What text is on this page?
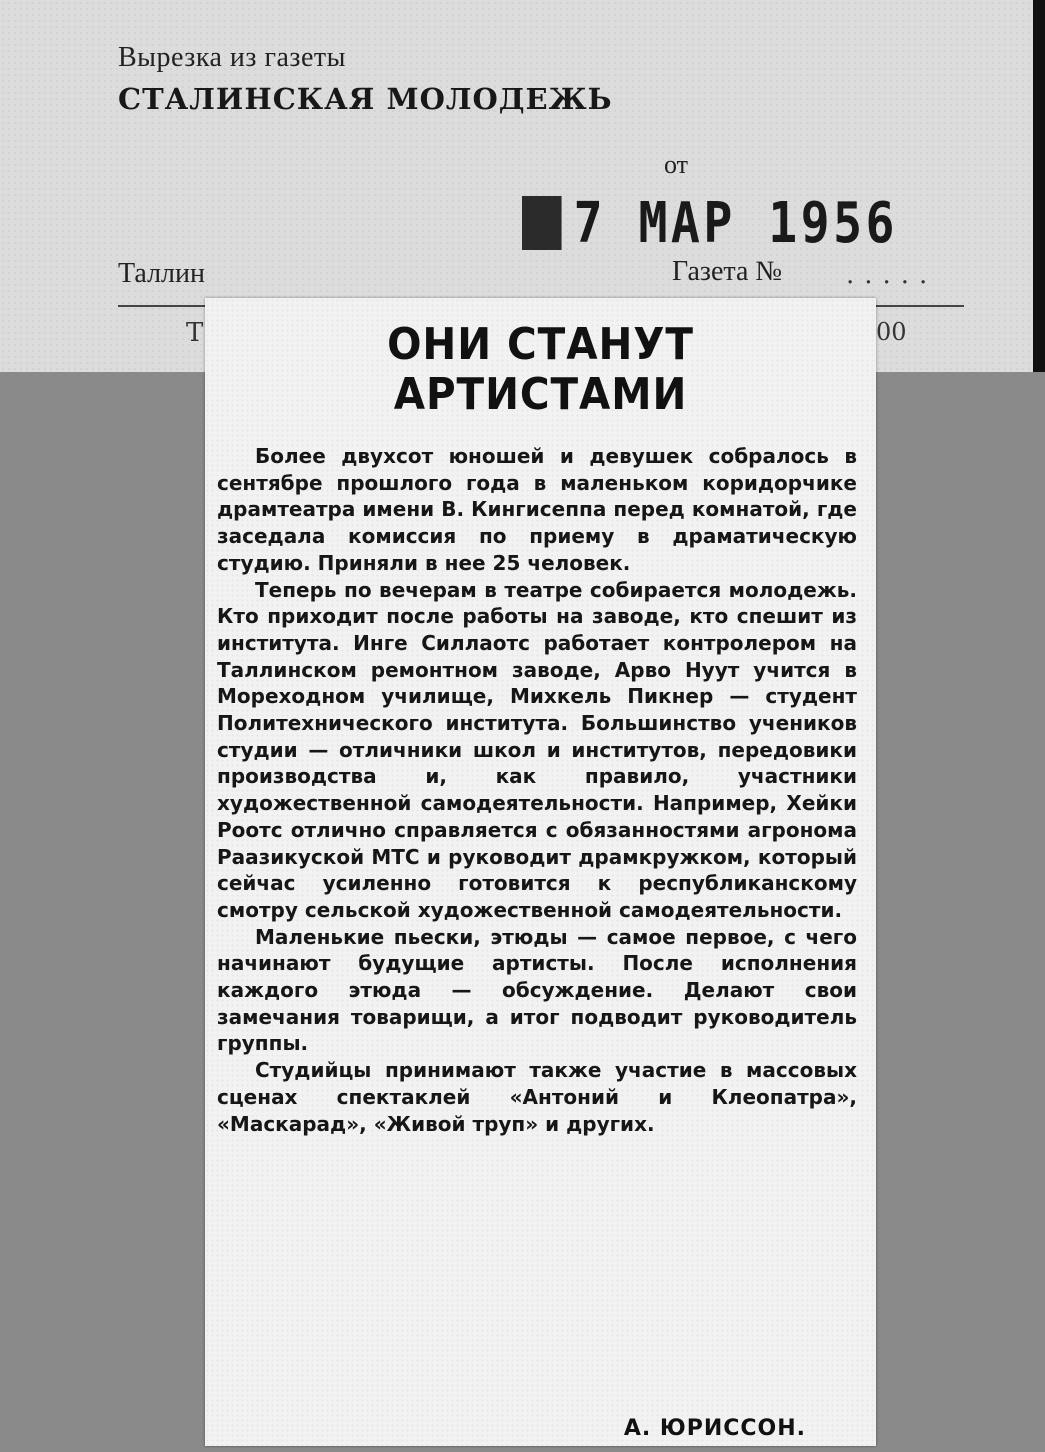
Вырезка из газеты
СТАЛИНСКАЯ МОЛОДЕЖЬ
от
7 МАР 1956
Таллин	Газета № .....
Т	00
ОНИ СТАНУТ
АРТИСТАМИ

Более двухсот юношей и девушек собралось в сентябре прошлого года в маленьком коридорчике драмтеатра имени В. Кингисеппа перед комнатой, где заседала комиссия по приему в драматическую студию. Приняли в нее 25 человек.

Теперь по вечерам в театре собирается молодежь. Кто приходит после работы на заводе, кто спешит из института. Инге Силлаотс работает контролером на Таллинском ремонтном заводе, Арво Нуут учится в Мореходном училище, Михкель Пикнер — студент Политехнического института. Большинство учеников студии — отличники школ и институтов, передовики производства и, как правило, участники художественной самодеятельности. Например, Хейки Роотс отлично справляется с обязанностями агронома Раазикуской МТС и руководит драмкружком, который сейчас усиленно готовится к республиканскому смотру сельской художественной самодеятельности.

Маленькие пьески, этюды — самое первое, с чего начинают будущие артисты. После исполнения каждого этюда — обсуждение. Делают свои замечания товарищи, а итог подводит руководитель группы.

Студийцы принимают также участие в массовых сценах спектаклей «Антоний и Клеопатра», «Маскарад», «Живой труп» и других.

А. ЮРИССОН.
